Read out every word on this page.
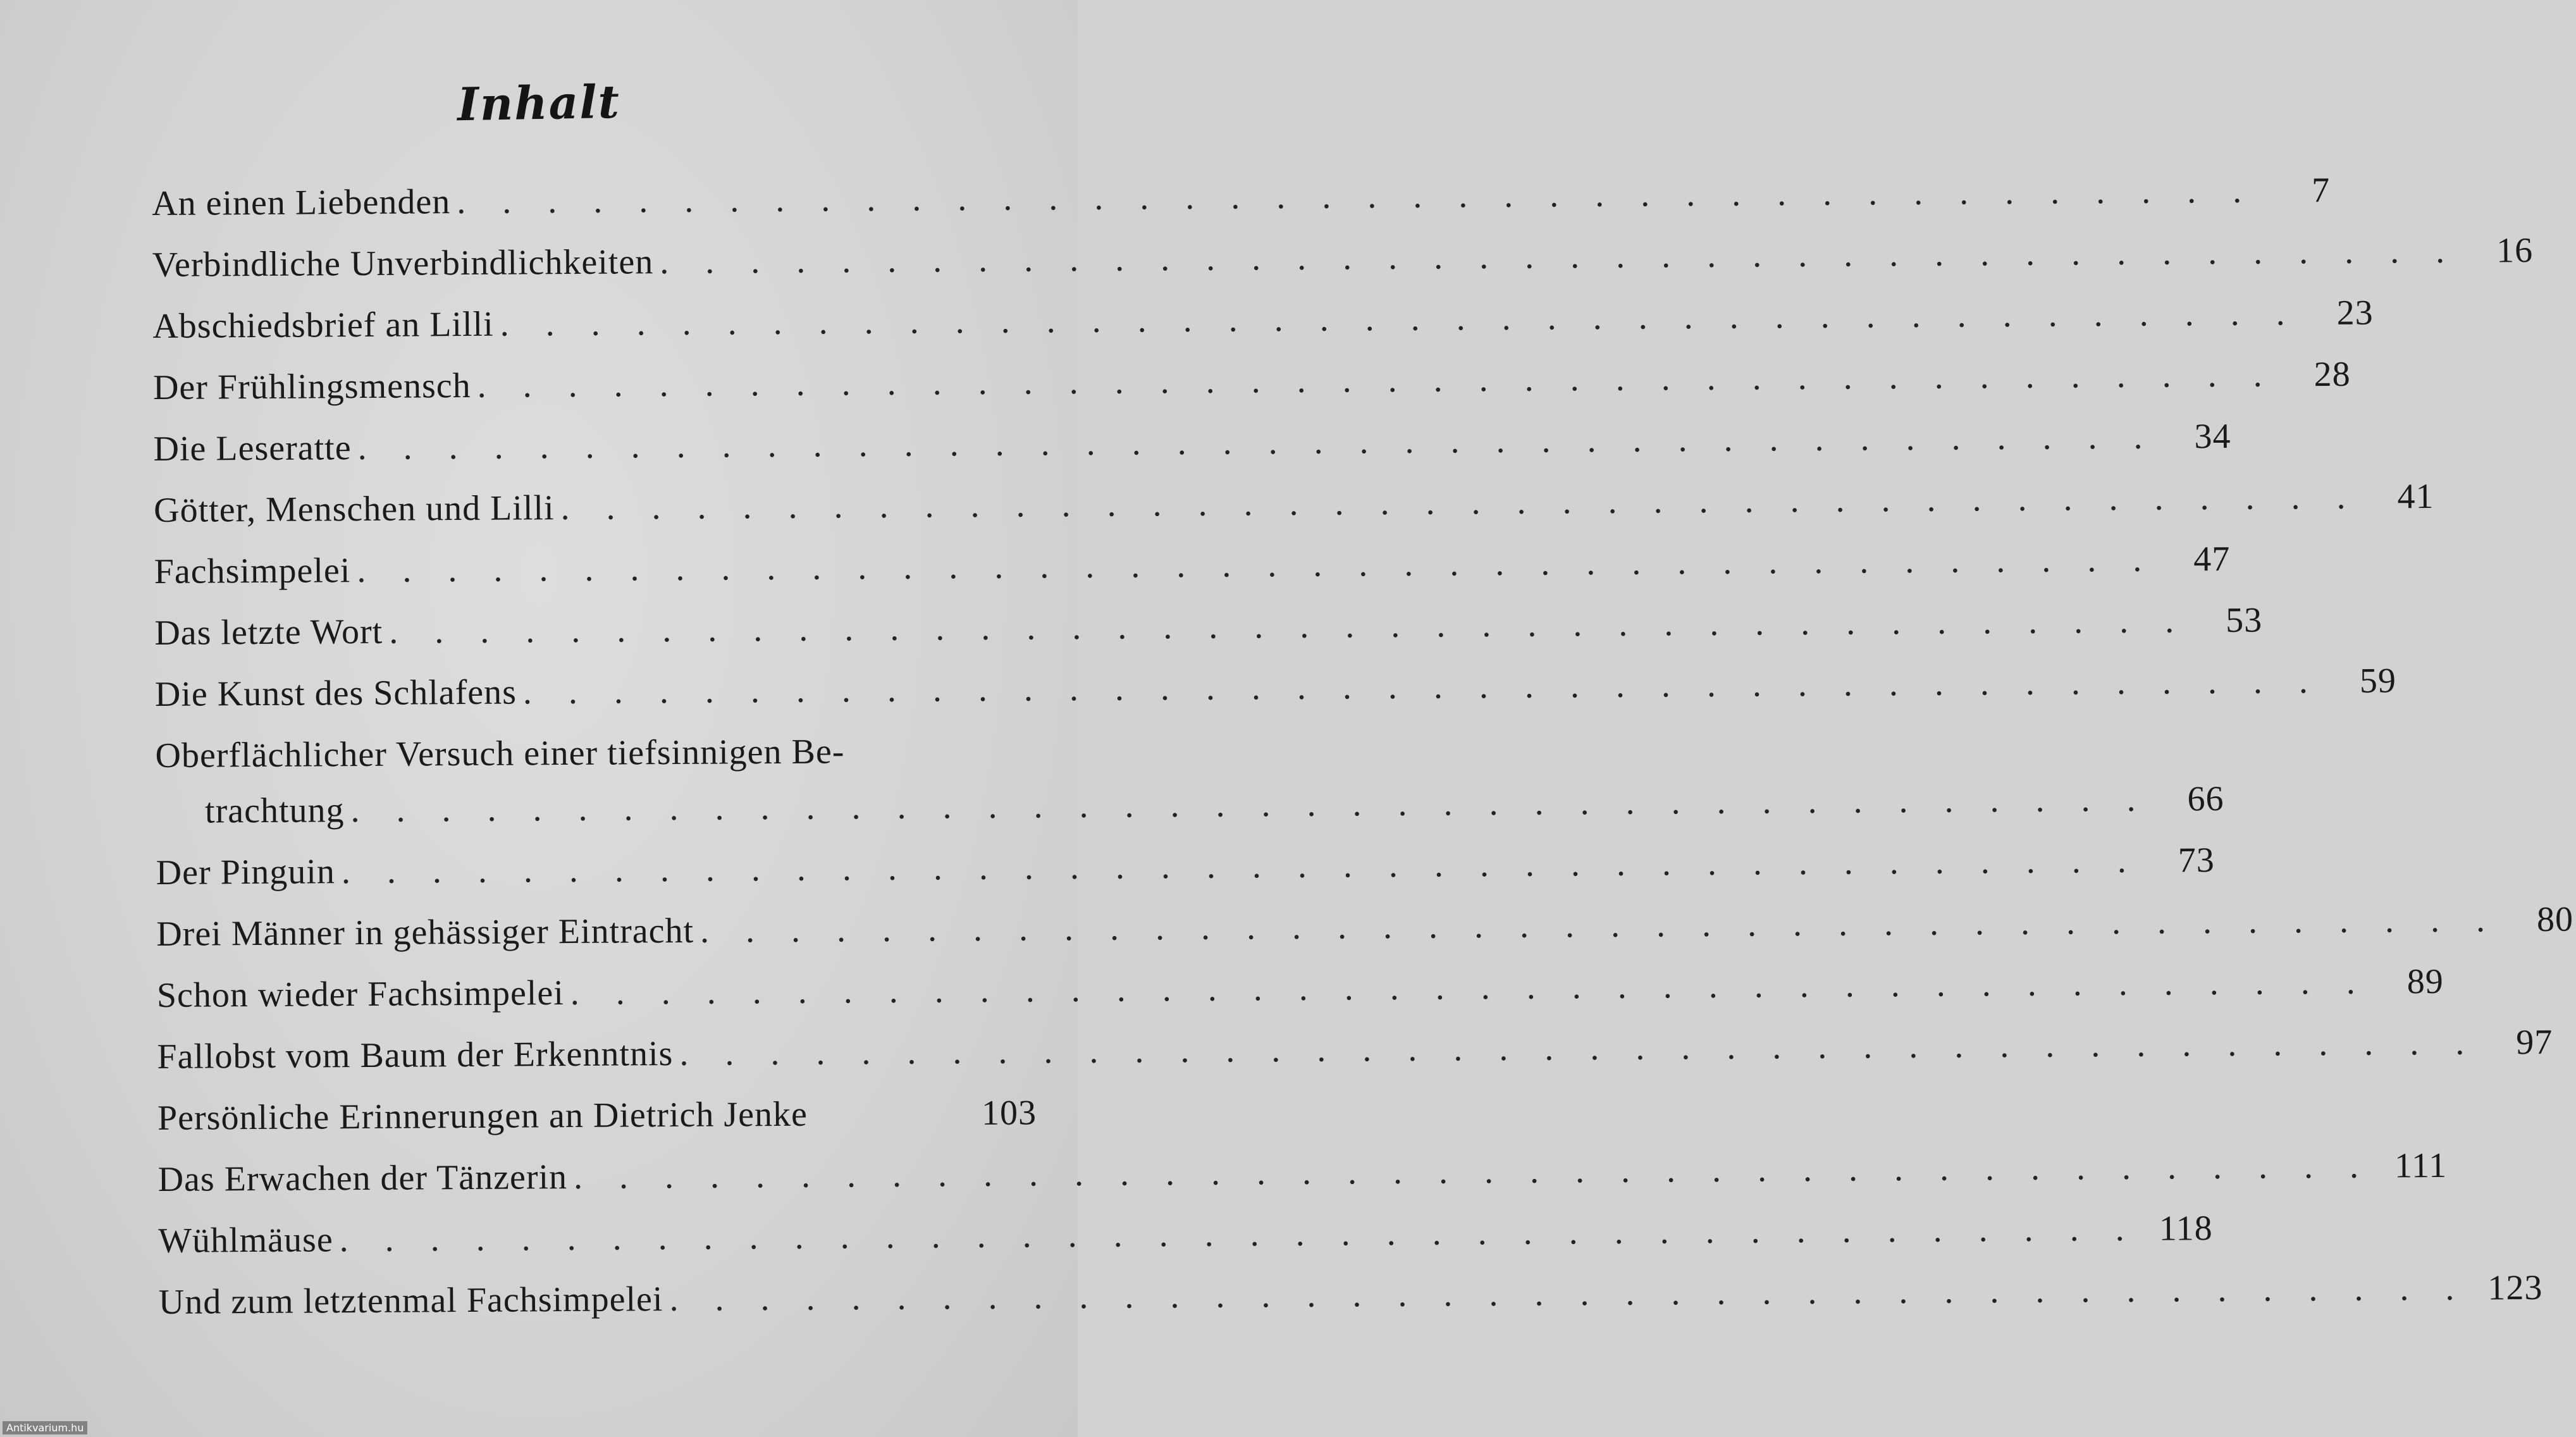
Inhalt
An einen Liebenden . . . . . . . . . . . . . . . . . . . . . . . . . . . . . . . . . . . . . . . .	7
Verbindliche Unverbindlichkeiten . . . . . . . . . . . . . . . . . . . . . . . . . . . . . . . . . . . . . . . .	16
Abschiedsbrief an Lilli . . . . . . . . . . . . . . . . . . . . . . . . . . . . . . . . . . . . . . . .	23
Der Frühlingsmensch . . . . . . . . . . . . . . . . . . . . . . . . . . . . . . . . . . . . . . . .	28
Die Leseratte . . . . . . . . . . . . . . . . . . . . . . . . . . . . . . . . . . . . . . . .	34
Götter, Menschen und Lilli . . . . . . . . . . . . . . . . . . . . . . . . . . . . . . . . . . . . . . . .	41
Fachsimpelei . . . . . . . . . . . . . . . . . . . . . . . . . . . . . . . . . . . . . . . .	47
Das letzte Wort . . . . . . . . . . . . . . . . . . . . . . . . . . . . . . . . . . . . . . . .	53
Die Kunst des Schlafens . . . . . . . . . . . . . . . . . . . . . . . . . . . . . . . . . . . . . . . .	59
Oberflächlicher Versuch einer tiefsinnigen Be-
trachtung . . . . . . . . . . . . . . . . . . . . . . . . . . . . . . . . . . . . . . . .	66
Der Pinguin . . . . . . . . . . . . . . . . . . . . . . . . . . . . . . . . . . . . . . . .	73
Drei Männer in gehässiger Eintracht . . . . . . . . . . . . . . . . . . . . . . . . . . . . . . . . . . . . . . . .	80
Schon wieder Fachsimpelei . . . . . . . . . . . . . . . . . . . . . . . . . . . . . . . . . . . . . . . .	89
Fallobst vom Baum der Erkenntnis . . . . . . . . . . . . . . . . . . . . . . . . . . . . . . . . . . . . . . . .	97
Persönliche Erinnerungen an Dietrich Jenke	103
Das Erwachen der Tänzerin . . . . . . . . . . . . . . . . . . . . . . . . . . . . . . . . . . . . . . . . 111
Wühlmäuse . . . . . . . . . . . . . . . . . . . . . . . . . . . . . . . . . . . . . . . . 118
Und zum letztenmal Fachsimpelei . . . . . . . . . . . . . . . . . . . . . . . . . . . . . . . . . . . . . . . . 123
Antikvarium.hu
